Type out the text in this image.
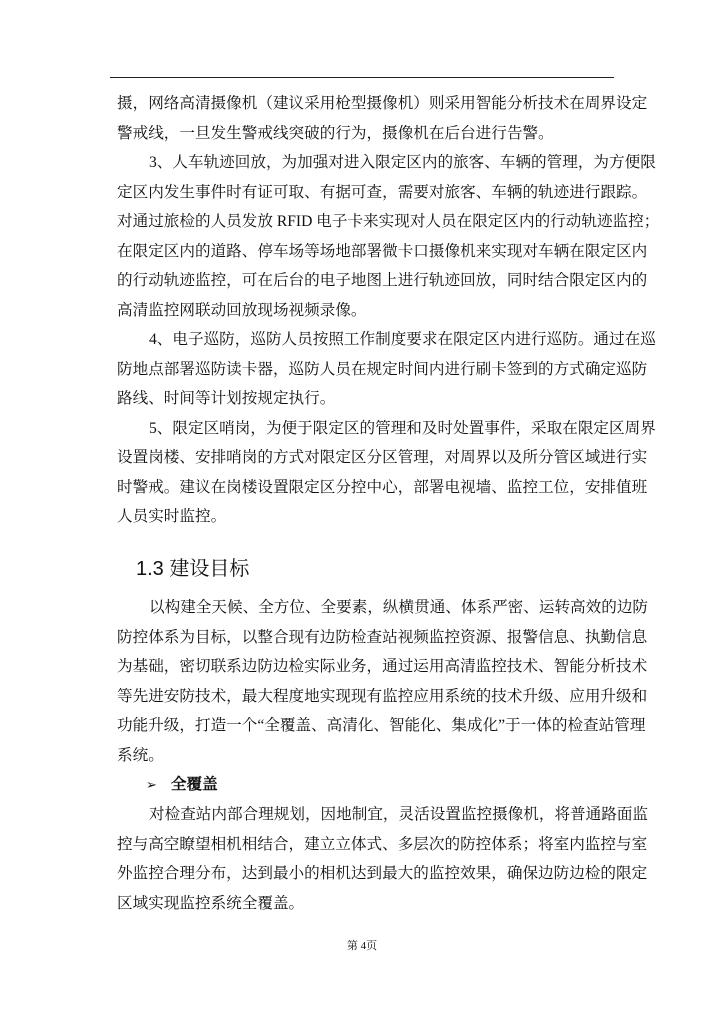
摄，网络高清摄像机（建议采用枪型摄像机）则采用智能分析技术在周界设定
警戒线，一旦发生警戒线突破的行为，摄像机在后台进行告警。
3、人车轨迹回放，为加强对进入限定区内的旅客、车辆的管理，为方便限
定区内发生事件时有证可取、有据可查，需要对旅客、车辆的轨迹进行跟踪。
对通过旅检的人员发放 RFID 电子卡来实现对人员在限定区内的行动轨迹监控；
在限定区内的道路、停车场等场地部署微卡口摄像机来实现对车辆在限定区内
的行动轨迹监控，可在后台的电子地图上进行轨迹回放，同时结合限定区内的
高清监控网联动回放现场视频录像。
4、电子巡防，巡防人员按照工作制度要求在限定区内进行巡防。通过在巡
防地点部署巡防读卡器，巡防人员在规定时间内进行刷卡签到的方式确定巡防
路线、时间等计划按规定执行。
5、限定区哨岗，为便于限定区的管理和及时处置事件，采取在限定区周界
设置岗楼、安排哨岗的方式对限定区分区管理，对周界以及所分管区域进行实
时警戒。建议在岗楼设置限定区分控中心，部署电视墙、监控工位，安排值班
人员实时监控。
1.3 建设目标
以构建全天候、全方位、全要素，纵横贯通、体系严密、运转高效的边防
防控体系为目标，以整合现有边防检查站视频监控资源、报警信息、执勤信息
为基础，密切联系边防边检实际业务，通过运用高清监控技术、智能分析技术
等先进安防技术，最大程度地实现现有监控应用系统的技术升级、应用升级和
功能升级，打造一个“全覆盖、高清化、智能化、集成化”于一体的检查站管理
系统。
➢ 全覆盖
对检查站内部合理规划，因地制宜，灵活设置监控摄像机，将普通路面监
控与高空瞭望相机相结合，建立立体式、多层次的防控体系；将室内监控与室
外监控合理分布，达到最小的相机达到最大的监控效果，确保边防边检的限定
区域实现监控系统全覆盖。
第 4页
